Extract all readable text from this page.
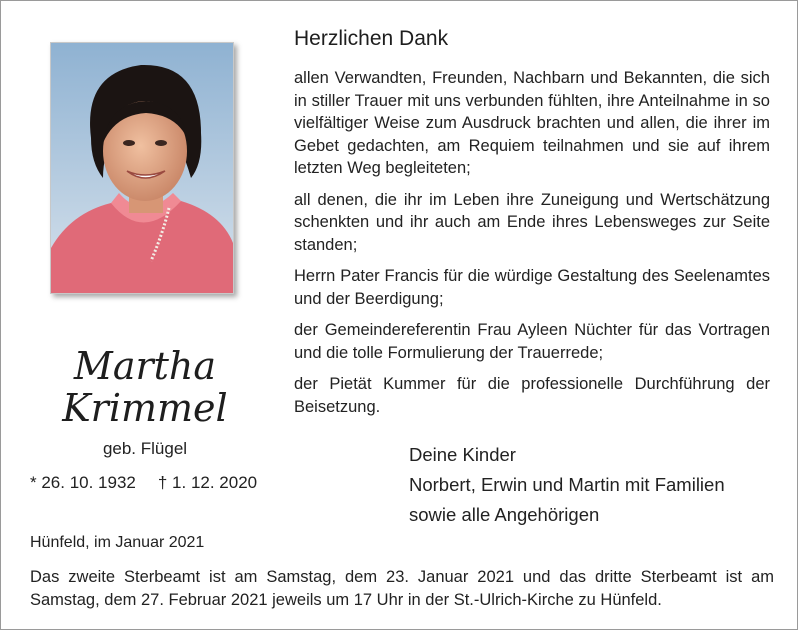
Martha
Krimmel
geb. Flügel
* 26. 10. 1932 † 1. 12. 2020
Hünfeld, im Januar 2021
Herzlichen Dank

allen Verwandten, Freunden, Nachbarn und Bekannten, die sich in stiller Trauer mit uns verbunden fühlten, ihre Anteilnahme in so vielfältiger Weise zum Ausdruck brachten und allen, die ihrer im Gebet gedachten, am Requiem teilnahmen und sie auf ihrem letzten Weg begleiteten;

all denen, die ihr im Leben ihre Zuneigung und Wertschätzung schenkten und ihr auch am Ende ihres Lebensweges zur Seite standen;

Herrn Pater Francis für die würdige Gestaltung des Seelenamtes und der Beerdigung;

der Gemeindereferentin Frau Ayleen Nüchter für das Vortragen und die tolle Formulierung der Trauerrede;

der Pietät Kummer für die professionelle Durchführung der Beisetzung.

Deine Kinder
Norbert, Erwin und Martin mit Familien
sowie alle Angehörigen
Das zweite Sterbeamt ist am Samstag, dem 23. Januar 2021 und das dritte Sterbeamt ist am Samstag, dem 27. Februar 2021 jeweils um 17 Uhr in der St.-Ulrich-Kirche zu Hünfeld.
